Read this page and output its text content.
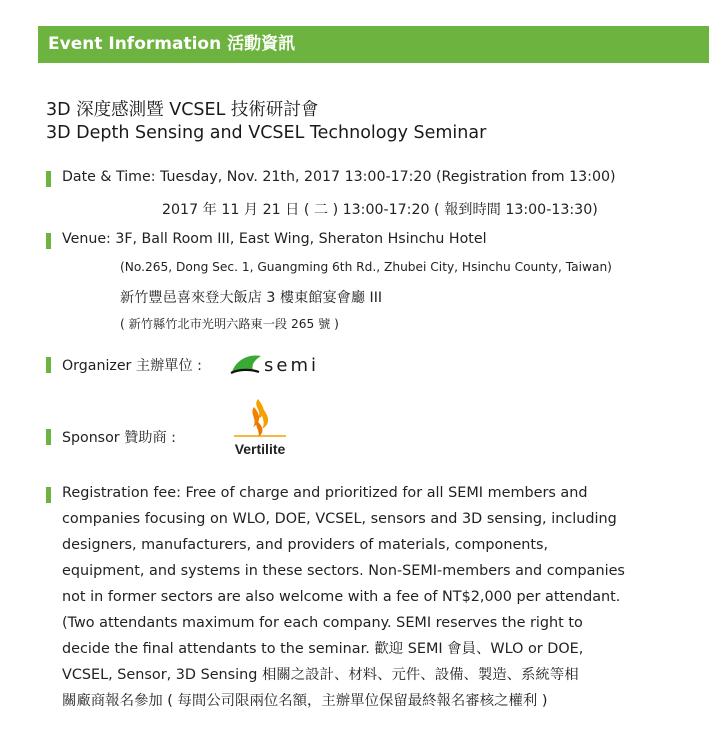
Event Information 活動資訊
3D 深度感測暨 VCSEL 技術研討會
3D Depth Sensing and VCSEL Technology Seminar
Date & Time: Tuesday, Nov. 21th, 2017 13:00-17:20 (Registration from 13:00)
2017 年 11 月 21 日 ( 二 ) 13:00-17:20 ( 報到時間 13:00-13:30)
Venue: 3F, Ball Room III, East Wing, Sheraton Hsinchu Hotel
(No.265, Dong Sec. 1, Guangming 6th Rd., Zhubei City, Hsinchu County, Taiwan)
新竹豐邑喜來登大飯店 3 樓東館宴會廳 III
( 新竹縣竹北市光明六路東一段 265 號 )
Organizer 主辦單位 :	semi
Sponsor 贊助商 :
Vertilite
Registration fee: Free of charge and prioritized for all SEMI members and
companies focusing on WLO, DOE, VCSEL, sensors and 3D sensing, including
designers, manufacturers, and providers of materials, components,
equipment, and systems in these sectors. Non-SEMI-members and companies
not in former sectors are also welcome with a fee of NT$2,000 per attendant.
(Two attendants maximum for each company. SEMI reserves the right to
decide the final attendants to the seminar. 歡迎 SEMI 會員、WLO or DOE,
VCSEL, Sensor, 3D Sensing 相關之設計、材料、元件、設備、製造、系統等相
關廠商報名參加 ( 每間公司限兩位名額，主辦單位保留最終報名審核之權利 )
